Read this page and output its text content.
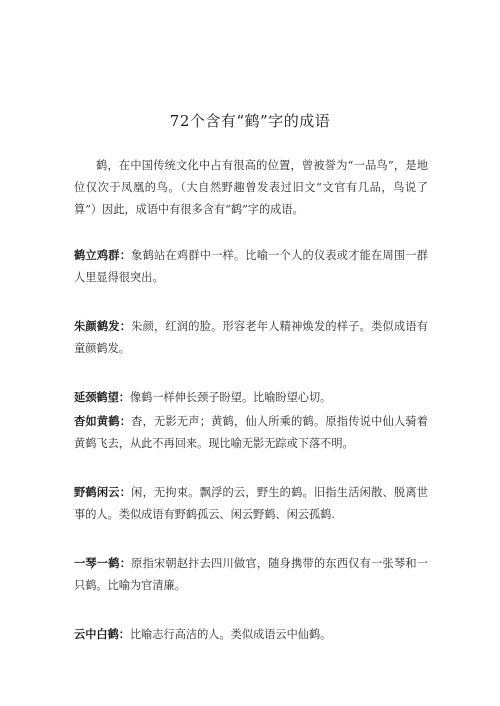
72个含有“鹤”字的成语

鹤，在中国传统文化中占有很高的位置，曾被誉为“一品鸟”，是地位仅次于凤凰的鸟。（大自然野趣曾发表过旧文“文官有几品，鸟说了算”）因此，成语中有很多含有“鹤”字的成语。

鹤立鸡群：象鹤站在鸡群中一样。比喻一个人的仪表或才能在周围一群人里显得很突出。

朱颜鹤发：朱颜，红润的脸。形容老年人精神焕发的样子。类似成语有童颜鹤发。

延颈鹤望：像鹤一样伸长颈子盼望。比喻盼望心切。

杳如黄鹤：杳，无影无声；黄鹤，仙人所乘的鹤。原指传说中仙人骑着黄鹤飞去，从此不再回来。现比喻无影无踪或下落不明。

野鹤闲云：闲，无拘束。飘浮的云，野生的鹤。旧指生活闲散、脱离世事的人。类似成语有野鹤孤云、闲云野鹤、闲云孤鹤.

一琴一鹤：原指宋朝赵抃去四川做官，随身携带的东西仅有一张琴和一只鹤。比喻为官清廉。

云中白鹤：比喻志行高洁的人。类似成语云中仙鹤。
